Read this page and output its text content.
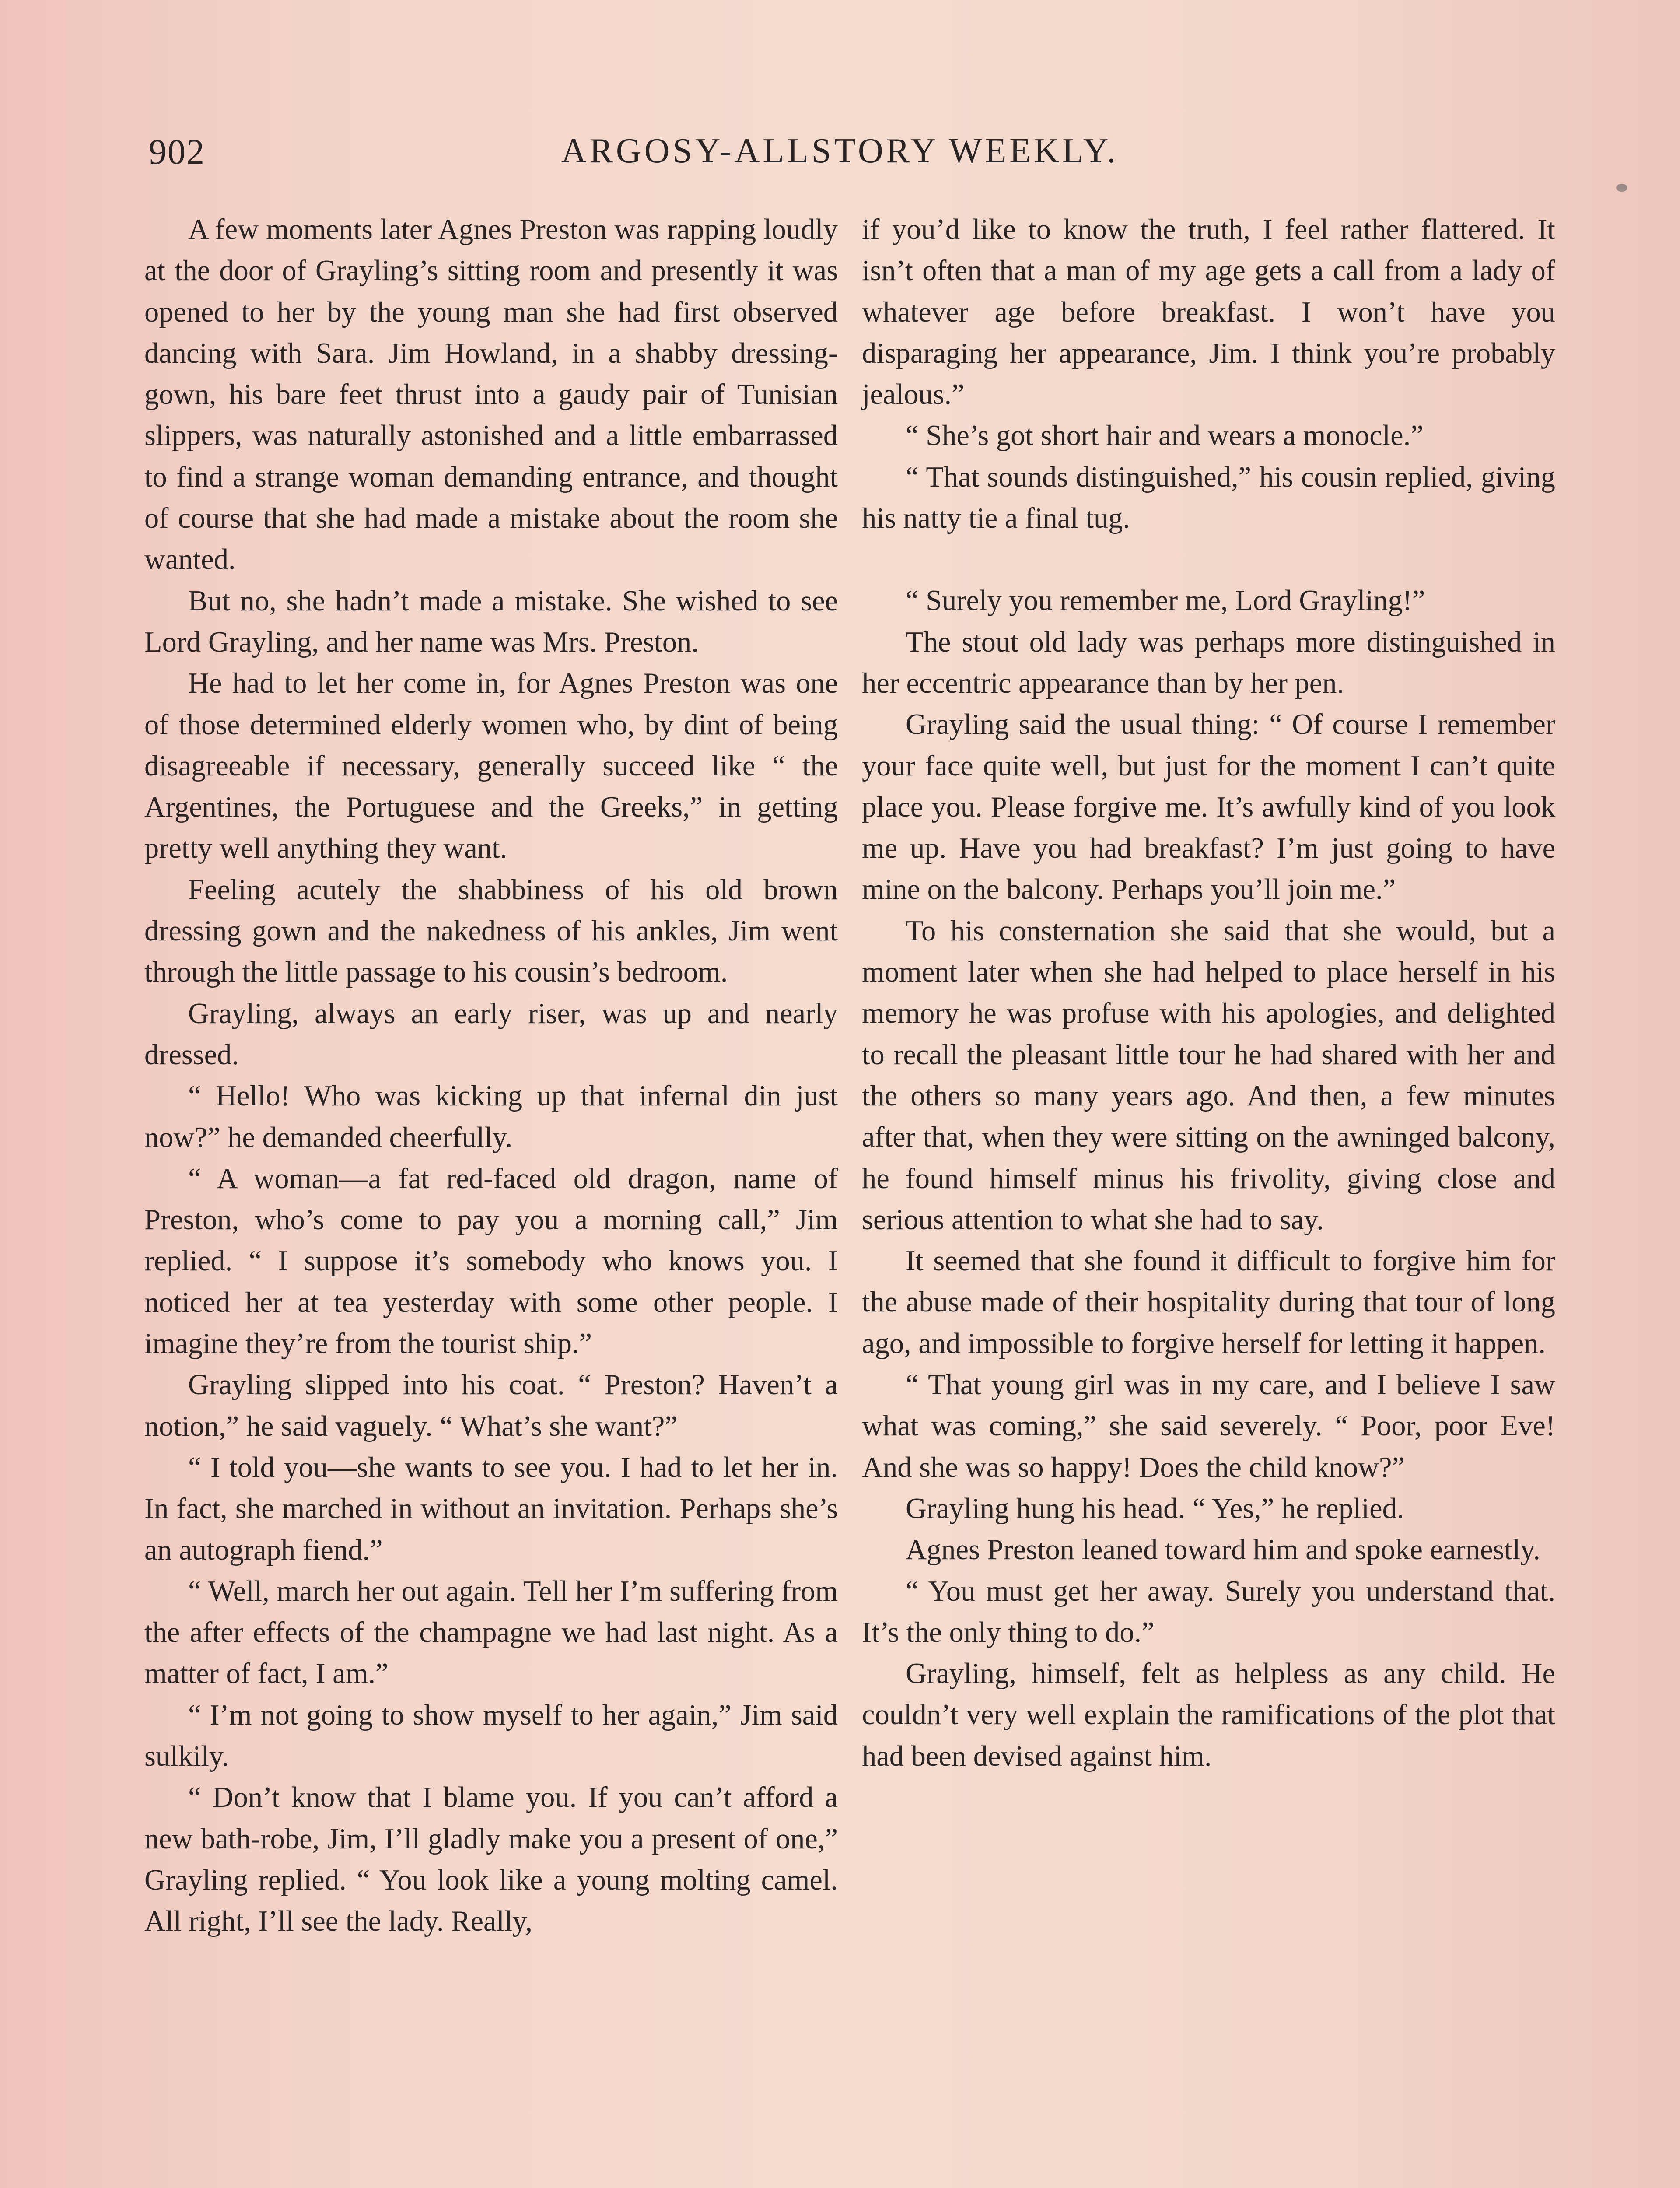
902	ARGOSY-ALLSTORY WEEKLY.

A few moments later Agnes Preston was rapping loudly at the door of Grayling’s sitting room and presently it was opened to her by the young man she had first observed dancing with Sara. Jim Howland, in a shabby dressing-gown, his bare feet thrust into a gaudy pair of Tunisian slippers, was naturally astonished and a little embarrassed to find a strange woman demanding entrance, and thought of course that she had made a mistake about the room she wanted.

But no, she hadn’t made a mistake. She wished to see Lord Grayling, and her name was Mrs. Preston.

He had to let her come in, for Agnes Preston was one of those determined elderly women who, by dint of being disagreeable if necessary, generally succeed like “ the Argentines, the Portuguese and the Greeks,” in getting pretty well anything they want.

Feeling acutely the shabbiness of his old brown dressing gown and the nakedness of his ankles, Jim went through the little passage to his cousin’s bedroom.

Grayling, always an early riser, was up and nearly dressed.

“ Hello! Who was kicking up that infernal din just now?” he demanded cheerfully.

“ A woman—a fat red-faced old dragon, name of Preston, who’s come to pay you a morning call,” Jim replied. “ I suppose it’s somebody who knows you. I noticed her at tea yesterday with some other people. I imagine they’re from the tourist ship.”

Grayling slipped into his coat. “ Preston? Haven’t a notion,” he said vaguely. “ What’s she want?”

“ I told you—she wants to see you. I had to let her in. In fact, she marched in without an invitation. Perhaps she’s an autograph fiend.”

“ Well, march her out again. Tell her I’m suffering from the after effects of the champagne we had last night. As a matter of fact, I am.”

“ I’m not going to show myself to her again,” Jim said sulkily.

“ Don’t know that I blame you. If you can’t afford a new bath-robe, Jim, I’ll gladly make you a present of one,” Grayling replied. “ You look like a young molting camel. All right, I’ll see the lady. Really,

if you’d like to know the truth, I feel rather flattered. It isn’t often that a man of my age gets a call from a lady of whatever age before breakfast. I won’t have you disparaging her appearance, Jim. I think you’re probably jealous.”

“ She’s got short hair and wears a monocle.”

“ That sounds distinguished,” his cousin replied, giving his natty tie a final tug.

“ Surely you remember me, Lord Grayling!”

The stout old lady was perhaps more distinguished in her eccentric appearance than by her pen.

Grayling said the usual thing: “ Of course I remember your face quite well, but just for the moment I can’t quite place you. Please forgive me. It’s awfully kind of you look me up. Have you had breakfast? I’m just going to have mine on the balcony. Perhaps you’ll join me.”

To his consternation she said that she would, but a moment later when she had helped to place herself in his memory he was profuse with his apologies, and delighted to recall the pleasant little tour he had shared with her and the others so many years ago. And then, a few minutes after that, when they were sitting on the awninged balcony, he found himself minus his frivolity, giving close and serious attention to what she had to say.

It seemed that she found it difficult to forgive him for the abuse made of their hospitality during that tour of long ago, and impossible to forgive herself for letting it happen.

“ That young girl was in my care, and I believe I saw what was coming,” she said severely. “ Poor, poor Eve! And she was so happy! Does the child know?”

Grayling hung his head. “ Yes,” he replied.

Agnes Preston leaned toward him and spoke earnestly.

“ You must get her away. Surely you understand that. It’s the only thing to do.”

Grayling, himself, felt as helpless as any child. He couldn’t very well explain the ramifications of the plot that had been devised against him.
